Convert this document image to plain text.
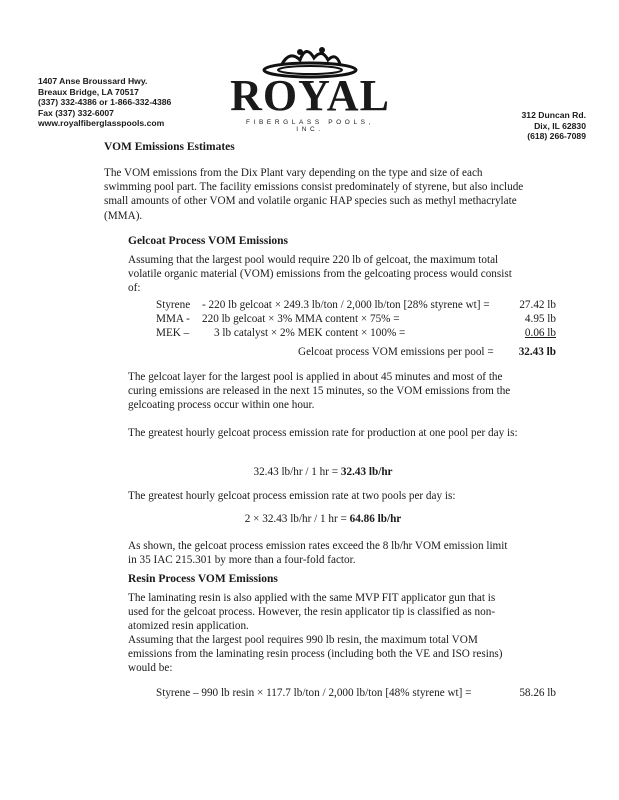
1407 Anse Broussard Hwy.
Breaux Bridge, LA 70517
(337) 332-4386 or 1-866-332-4386
Fax (337) 332-6007
www.royalfiberglasspools.com
ROYAL
FIBERGLASS POOLS, INC.
312 Duncan Rd.
Dix, IL 62830
(618) 266-7089
VOM Emissions Estimates
The VOM emissions from the Dix Plant vary depending on the type and size of each swimming pool part. The facility emissions consist predominately of styrene, but also include small amounts of other VOM and volatile organic HAP species such as methyl methacrylate (MMA).
Gelcoat Process VOM Emissions
Assuming that the largest pool would require 220 lb of gelcoat, the maximum total volatile organic material (VOM) emissions from the gelcoating process would consist of:
Styrene	- 220 lb gelcoat × 249.3 lb/ton / 2,000 lb/ton [28% styrene wt] =	27.42 lb
MMA -	220 lb gelcoat × 3% MMA content × 75% =	4.95 lb
MEK –	3 lb catalyst × 2% MEK content × 100% =	0.06 lb
Gelcoat process VOM emissions per pool = 32.43 lb
The gelcoat layer for the largest pool is applied in about 45 minutes and most of the curing emissions are released in the next 15 minutes, so the VOM emissions from the gelcoating process occur within one hour.
The greatest hourly gelcoat process emission rate for production at one pool per day is:
32.43 lb/hr / 1 hr = 32.43 lb/hr
The greatest hourly gelcoat process emission rate at two pools per day is:
2 × 32.43 lb/hr / 1 hr = 64.86 lb/hr
As shown, the gelcoat process emission rates exceed the 8 lb/hr VOM emission limit in 35 IAC 215.301 by more than a four-fold factor.
Resin Process VOM Emissions
The laminating resin is also applied with the same MVP FIT applicator gun that is used for the gelcoat process. However, the resin applicator tip is classified as non-atomized resin application.
Assuming that the largest pool requires 990 lb resin, the maximum total VOM emissions from the laminating resin process (including both the VE and ISO resins) would be:
Styrene – 990 lb resin × 117.7 lb/ton / 2,000 lb/ton [48% styrene wt] =	58.26 lb
